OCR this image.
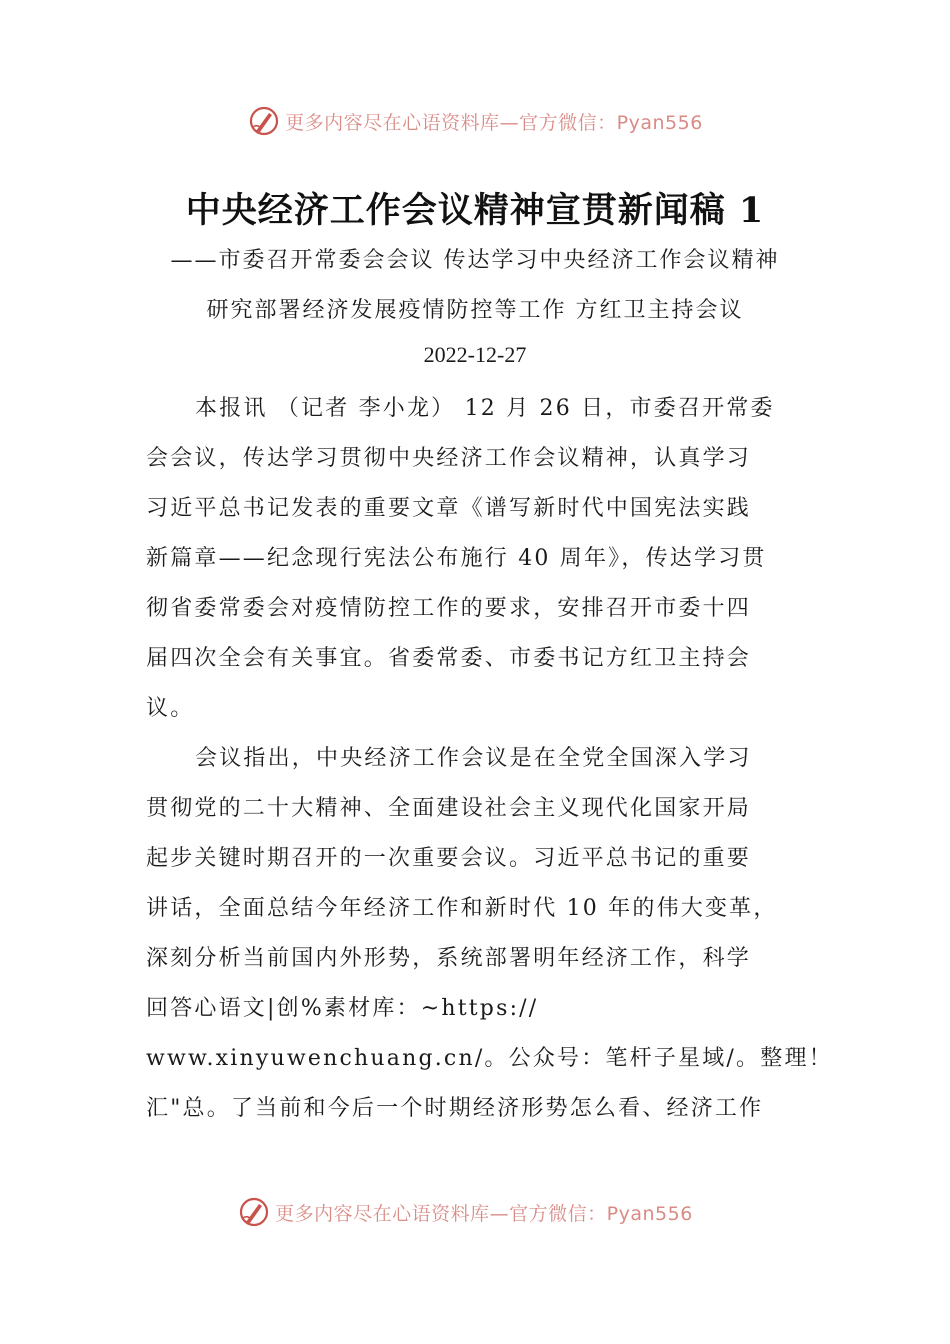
更多内容尽在心语资料库—官方微信：Pyan556
中央经济工作会议精神宣贯新闻稿 1
——市委召开常委会会议 传达学习中央经济工作会议精神
研究部署经济发展疫情防控等工作 方红卫主持会议
2022-12-27
本报讯 （记者 李小龙） 12 月 26 日，市委召开常委
会会议，传达学习贯彻中央经济工作会议精神，认真学习
习近平总书记发表的重要文章《谱写新时代中国宪法实践
新篇章——纪念现行宪法公布施行 40 周年》，传达学习贯
彻省委常委会对疫情防控工作的要求，安排召开市委十四
届四次全会有关事宜。省委常委、市委书记方红卫主持会
议。
会议指出，中央经济工作会议是在全党全国深入学习
贯彻党的二十大精神、全面建设社会主义现代化国家开局
起步关键时期召开的一次重要会议。习近平总书记的重要
讲话，全面总结今年经济工作和新时代 10 年的伟大变革，
深刻分析当前国内外形势，系统部署明年经济工作，科学
回答心语文|创%素材库：~https://
www.xinyuwenchuang.cn/。公众号：笔杆子星域/。整理！
汇"总。了当前和今后一个时期经济形势怎么看、经济工作
更多内容尽在心语资料库—官方微信：Pyan556
